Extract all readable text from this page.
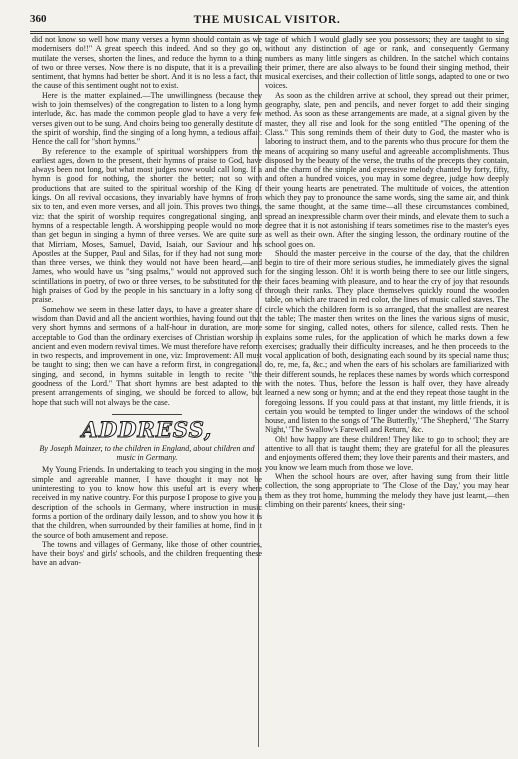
360	THE MUSICAL VISITOR.

did not know so well how many verses a hymn should contain as we modernisers do!!" A great speech this indeed. And so they go on, mutilate the verses, shorten the lines, and reduce the hymn to a thing of two or three verses. Now there is no dispute, that it is a prevailing sentiment, that hymns had better be short. And it is no less a fact, that the cause of this sentiment ought not to exist.

Here is the matter explained.—The unwillingness (because they wish to join themselves) of the congregation to listen to a long hymn interlude, &c. has made the common people glad to have a very few verses given out to be sung. And choirs being too generally destitute of the spirit of worship, find the singing of a long hymn, a tedious affair. Hence the call for "short hymns."

By reference to the example of spiritual worshippers from the earliest ages, down to the present, their hymns of praise to God, have always been not long, but what most judges now would call long. If a hymn is good for nothing, the shorter the better; not so with productions that are suited to the spiritual worship of the King of kings. On all revival occasions, they invariably have hymns of from six to ten, and even more verses, and all join. This proves two things, viz: that the spirit of worship requires congregational singing, and hymns of a respectable length. A worshipping people would no more than get begun in singing a hymn of three verses. We are quite sure that Mirriam, Moses, Samuel, David, Isaiah, our Saviour and his Apostles at the Supper, Paul and Silas, for if they had not sung more than three verses, we think they would not have been heard,—and James, who would have us "sing psalms," would not approved such scintillations in poetry, of two or three verses, to be substituted for the high praises of God by the people in his sanctuary in a lofty song of praise.

Somehow we seem in these latter days, to have a greater share of wisdom than David and all the ancient worthies, having found out that very short hymns and sermons of a half-hour in duration, are more acceptable to God than the ordinary exercises of Christian worship in ancient and even modern revival times. We must therefore have reform in two respects, and improvement in one, viz: Improvement: All must be taught to sing; then we can have a reform first, in congregational singing, and second, in hymns suitable in length to recite "the goodness of the Lord." That short hymns are best adapted to the present arrangements of singing, we should be forced to allow, but hope that such will not always be the case.

ADDRESS,

By Joseph Mainzer, to the children in England, about children and music in Germany.

My Young Friends. In undertaking to teach you singing in the most simple and agreeable manner, I have thought it may not be uninteresting to you to know how this useful art is every where received in my native country. For this purpose I propose to give you a description of the schools in Germany, where instruction in music forms a portion of the ordinary daily lesson, and to show you how it is that the children, when surrounded by their families at home, find in it the source of both amusement and repose.

The towns and villages of Germany, like those of other countries, have their boys' and girls' schools, and the children frequenting these have an advan-

tage of which I would gladly see you possessors; they are taught to sing without any distinction of age or rank, and consequently Germany numbers as many little singers as children. In the satchel which contains their primer, there are also always to be found their singing method, their musical exercises, and their collection of little songs, adapted to one or two voices.

As soon as the children arrive at school, they spread out their primer, geography, slate, pen and pencils, and never forget to add their singing method. As soon as these arrangements are made, at a signal given by the master, they all rise and look for the song entitled "The opening of the Class." This song reminds them of their duty to God, the master who is laboring to instruct them, and to the parents who thus procure for them the means of acquiring so many useful and agreeable accomplishments. Thus disposed by the beauty of the verse, the truths of the precepts they contain, and the charm of the simple and expressive melody chanted by forty, fifty, and often a hundred voices, you may in some degree, judge how deeply their young hearts are penetrated. The multitude of voices, the attention which they pay to pronounce the same words, sing the same air, and think the same thought, at the same time—all these circumstances combined, spread an inexpressible charm over their minds, and elevate them to such a degree that it is not astonishing if tears sometimes rise to the master's eyes as well as their own. After the singing lesson, the ordinary routine of the school goes on.

Should the master perceive in the course of the day, that the children begin to tire of their more serious studies, he immediately gives the signal for the singing lesson. Oh! it is worth being there to see our little singers, their faces beaming with pleasure, and to hear the cry of joy that resounds through their ranks. They place themselves quickly round the wooden table, on which are traced in red color, the lines of music called staves. The circle which the children form is so arranged, that the smallest are nearest the table; The master then writes on the lines the various signs of music, some for singing, called notes, others for silence, called rests. Then he explains some rules, for the application of which he marks down a few exercises; gradually their difficulty increases, and he then proceeds to the vocal application of both, designating each sound by its special name thus; do, re, me, fa, &c.; and when the ears of his scholars are familiarized with their different sounds, he replaces these names by words which correspond with the notes. Thus, before the lesson is half over, they have already learned a new song or hymn; and at the end they repeat those taught in the foregoing lessons. If you could pass at that instant, my little friends, it is certain you would be tempted to linger under the windows of the school house, and listen to the songs of 'The Butterfly,' 'The Shepherd,' 'The Starry Night,' 'The Swallow's Farewell and Return,' &c.

Oh! how happy are these children! They like to go to school; they are attentive to all that is taught them; they are grateful for all the pleasures and enjoyments offered them; they love their parents and their masters, and you know we learn much from those we love.

When the school hours are over, after having sung from their little collection, the song appropriate to 'The Close of the Day,' you may hear them as they trot home, humming the melody they have just learnt,—then climbing on their parents' knees, their sing-
